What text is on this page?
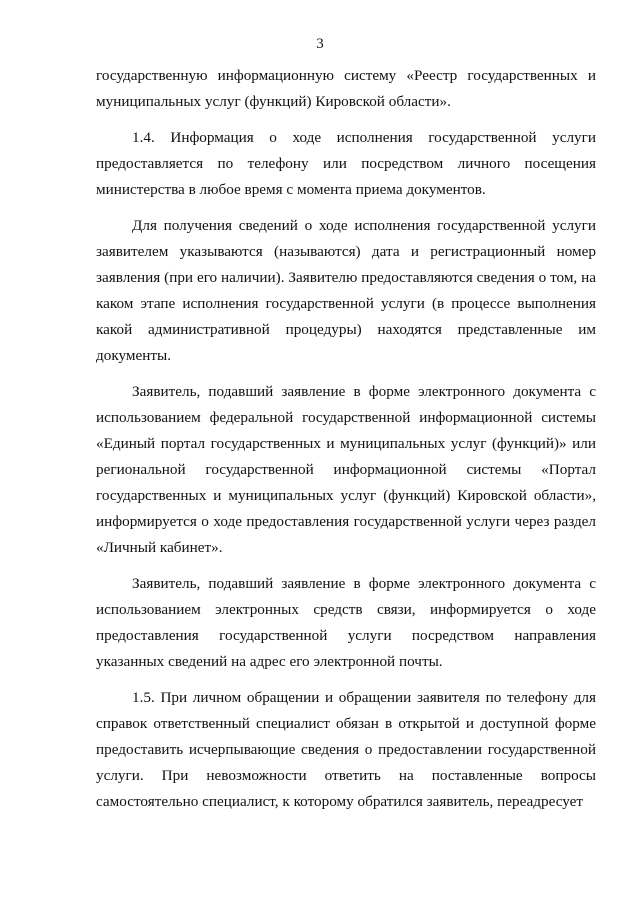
3

государственную информационную систему «Реестр государственных и муниципальных услуг (функций) Кировской области».

1.4. Информация о ходе исполнения государственной услуги предоставляется по телефону или посредством личного посещения министерства в любое время с момента приема документов.

Для получения сведений о ходе исполнения государственной услуги заявителем указываются (называются) дата и регистрационный номер заявления (при его наличии). Заявителю предоставляются сведения о том, на каком этапе исполнения государственной услуги (в процессе выполнения какой административной процедуры) находятся представленные им документы.

Заявитель, подавший заявление в форме электронного документа с использованием федеральной государственной информационной системы «Единый портал государственных и муниципальных услуг (функций)» или региональной государственной информационной системы «Портал государственных и муниципальных услуг (функций) Кировской области», информируется о ходе предоставления государственной услуги через раздел «Личный кабинет».

Заявитель, подавший заявление в форме электронного документа с использованием электронных средств связи, информируется о ходе предоставления государственной услуги посредством направления указанных сведений на адрес его электронной почты.

1.5. При личном обращении и обращении заявителя по телефону для справок ответственный специалист обязан в открытой и доступной форме предоставить исчерпывающие сведения о предоставлении государственной услуги. При невозможности ответить на поставленные вопросы самостоятельно специалист, к которому обратился заявитель, переадресует
